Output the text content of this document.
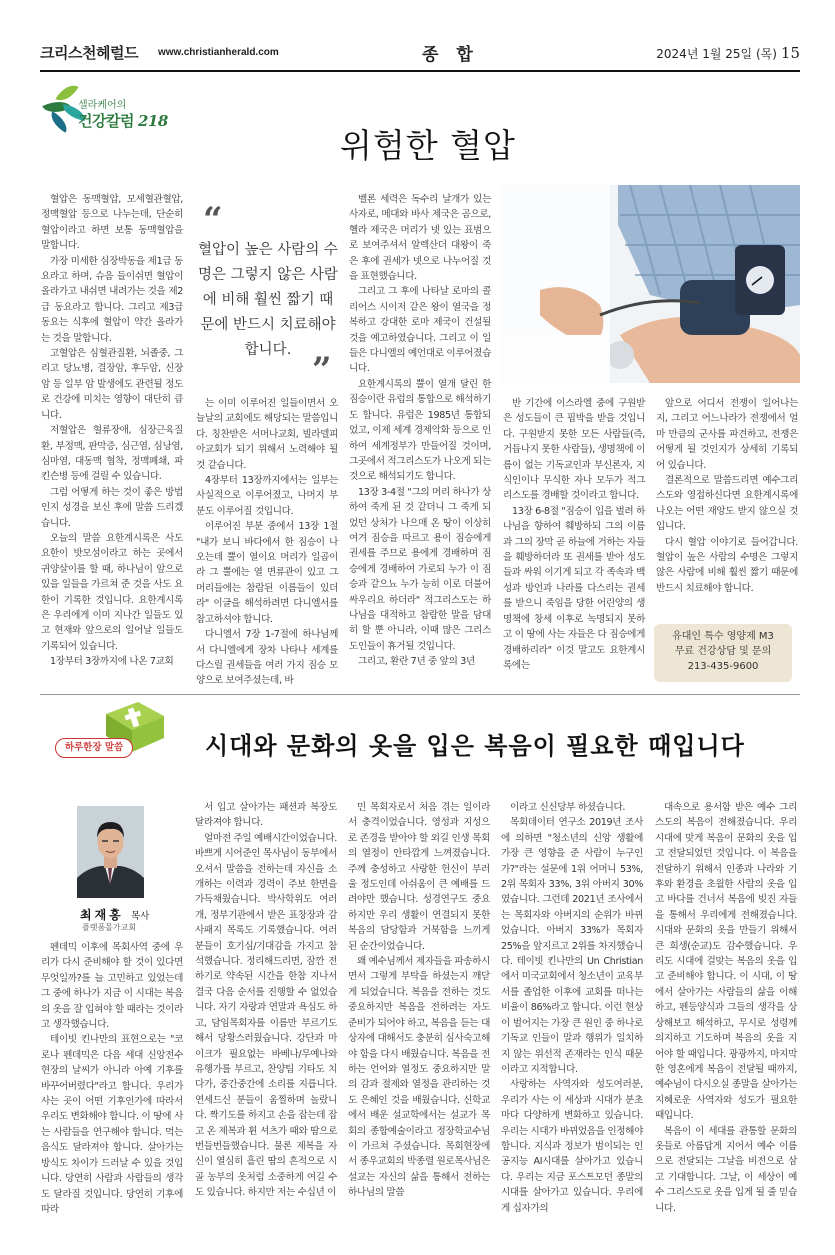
크리스천헤럴드 www.christianherald.com	종 합	2024년 1월 25일 (목) 15
셀라케어의
건강칼럼 218
위험한 혈압

혈압은 동맥혈압, 모세혈관혈압, 정맥혈압 등으로 나누는데, 단순히 혈압이라고 하면 보통 동맥혈압을 말합니다.

가장 미세한 심장박동을 제1급 동요라고 하며, 슈음 들이쉬면 혈압이 올라가고 내쉬면 내려가는 것을 제2급 동요라고 합니다. 그리고 제3급 동요는 식후에 혈압이 약간 올라가는 것을 말합니다.

고혈압은 심혈관질환, 뇌졸중, 그리고 당뇨병, 결장암, 후두암, 신장암 등 일부 암 발생에도 관련될 정도로 건강에 미치는 영향이 대단히 큽니다.

저혈압은 혈류장애, 심장근육질환, 부정맥, 판막증, 심근염, 심낭염, 심마염, 대동맥 협착, 정맥폐쇄, 파킨슨병 등에 걸릴 수 있습니다.

그럼 어떻게 하는 것이 좋은 방법인지 성경을 보신 후에 말씀 드리겠습니다.

오늘의 말씀 요한계시록은 사도 요한이 밧모섬이라고 하는 곳에서 귀양살이를 할 때, 하나님이 앞으로 있을 일들을 가르쳐 준 것을 사도 요한이 기록한 것입니다. 요한계시록은 우리에게 이미 지나간 일들도 있고 현재와 앞으로의 일어날 일들도 기록되어 있습니다.

1장부터 3장까지에 나온 7교회

“
혈압이 높은 사람의 수명은 그렇지 않은 사람에 비해 훨씬 짧기 때문에 반드시 치료해야 합니다. ”

는 이미 이루어진 일들이면서 오늘날의 교회에도 해당되는 말씀입니다. 칭찬받은 서머나교회, 빌라델피아교회가 되기 위해서 노력해야 될 것 같습니다.

4장부터 13장까지에서는 일부는 사실적으로 이루어졌고, 나머지 부분도 이루어질 것입니다.

이루어진 부분 중에서 13장 1절 "내가 보니 바다에서 한 짐승이 나오는데 뿔이 열이요 머리가 일곱이라 그 뿔에는 열 면류관이 있고 그 머리들에는 참람된 이름들이 있더라" 이글을 해석하려면 다니엘서를 참고하셔야 합니다.

다니엘서 7장 1-7절에 하나님께서 다니엘에게 장차 나타나 세계를 다스릴 권세들을 여러 가지 짐승 모양으로 보여주셨는데, 바

벨론 세력은 독수리 날개가 있는 사자로, 메대와 바사 제국은 곰으로, 헬라 제국은 머리가 넷 있는 표범으로 보여주셔서 알렉산더 대왕이 죽은 후에 권세가 넷으로 나누어질 것을 표현했습니다.

그리고 그 후에 나타날 로마의 콜리어스 시이저 같은 왕이 열국을 정복하고 강대한 로마 제국이 건설될 것을 예고하였습니다. 그리고 이 일들은 다니엘의 예언대로 이루어졌습니다.

요한계시록의 뿔이 열개 달린 한 짐승이란 유럽의 통합으로 해석하기도 합니다. 유럽은 1985년 통합되었고, 이제 세계 경제악화 등으로 인하여 세계정부가 만들어질 것이며, 그곳에서 적그리스도가 나오게 되는 것으로 해석되기도 합니다.

13장 3-4절 "그의 머리 하나가 상하여 죽게 된 것 같더니 그 죽게 되었던 상처가 나으매 온 땅이 이상히 여겨 짐승을 따르고 용이 짐승에게 권세를 주므로 용에게 경배하며 짐승에게 경배하여 가로되 누가 이 짐승과 같으뇨 누가 능히 이로 더불어 싸우리요 하더라" 적그리스도는 하나님을 대적하고 참람한 말을 담대히 할 뿐 아니라, 이때 많은 그리스도인들이 휴거될 것입니다.

그리고, 환란 7년 중 앞의 3년

반 기간에 이스라엘 중에 구원받은 성도들이 큰 핍박을 받을 것입니다. 구원받지 못한 모든 사람들(즉, 거듭나지 못한 사람들), 생명책에 이름이 없는 기독교인과 부신론자, 지식인이나 무식한 자나 모두가 적그리스도를 경배할 것이라고 합니다.

13장 6-8절 "짐승이 입을 벌려 하나님을 향하여 훼방하되 그의 이름과 그의 장막 곧 하늘에 거하는 자들을 훼방하더라 또 권세를 받아 성도들과 싸워 이기게 되고 각 족속과 백성과 방언과 나라를 다스리는 권세를 받으니 죽임을 당한 어린양의 생명책에 창세 이후로 녹명되지 못하고 이 땅에 사는 자들은 다 짐승에게 경배하리라" 이것 말고도 요한계시록에는

앞으로 어디서 전쟁이 일어나는지, 그리고 어느나라가 전쟁에서 얼마 만큼의 군사를 파견하고, 전쟁은 어떻게 될 것인지가 상세히 기록되어 있습니다.

결론적으로 말씀드리면 예수그리스도와 영접하신다면 요한계시록에 나오는 어떤 재앙도 받지 않으실 것입니다.

다시 혈압 이야기로 들어갑니다. 혈압이 높은 사람의 수명은 그렇지 않은 사람에 비해 훨씬 짧기 때문에 반드시 치료해야 합니다.

유대인 특수 영양제 M3
무료 건강상담 및 문의
213-435-9600
하루한장 말씀	시대와 문화의 옷을 입은 복음이 필요한 때입니다
최재홍 목사
플랫폼몰가교회

펜데믹 이후에 목회사역 중에 우리가 다시 준비해야 할 것이 있다면 무엇일까?를 늘 고민하고 있었는데 그 중에 하나가 지금 이 시대는 복음의 옷을 잘 입혀야 할 때라는 것이라고 생각했습니다.

테이빗 킨나만의 표현으로는 "코로나 펜데믹은 다음 세대 신앙전수 현장의 날씨가 아니라 아예 기후를 바꾸어버렸다"라고 합니다. 우리가 사는 곳이 어떤 기후인가에 따라서 우리도 변화해야 합니다. 이 땅에 사는 사람들을 연구해야 합니다. 먹는 음식도 달라져야 합니다. 살아가는 방식도 차이가 드러날 수 있을 것입니다. 당연히 사람과 사람들의 생각도 달라질 것입니다. 당연히 기후에 따라

서 입고 살아가는 패션과 복장도 달라져야 합니다.

얼마전 주일 예배시간이었습니다. 바쁘게 시어준인 목사님이 동부에서 오셔서 말씀을 전하는데 자신을 소개하는 이력과 경력이 주보 한면을 가득채웠습니다. 박사학위도 여러개, 정부기관에서 받은 표창장과 감사패지 목록도 기록했습니다. 여러분들이 호기심/기대감을 가지고 참석했습니다. 정리해드리면, 잠깐 전하기로 약속된 시간을 한참 지나서 결국 다음 순서를 진행할 수 없었습니다. 자기 자랑과 연말과 욕심도 하고, 담임목회자를 이름만 부르기도 해서 당황스러웠습니다. 강단과 마이크가 필요없는 바베나/무예나와 유행가를 부르고, 찬양팀 기타도 치다가, 중간중간에 소리를 지릅니다. 연세드신 분들이 움찔하며 놀랐니다. 짝기도를 하지고 손을 잡는데 잡고 온 제복과 휜 셔츠가 때와 땀으로 번들번들했습니다. 물론 제복을 자신이 열심히 흘린 땀의 흔적으로 시골 농부의 옷처럼 소중하게 여길 수도 있습니다. 하지만 저는 수십년 이

민 목회자로서 처음 겪는 일이라서 충격이었습니다. 영성과 지성으로 존경을 받아야 할 외길 인생 목회의 열정이 안타깝게 느껴졌습니다. 주께 충성하고 사랑한 헌신이 부러울 정도인데 아쉬움이 큰 예배를 드려야만 했습니다. 성경연구도 중요하지만 우리 생활이 연결되지 못한 복음의 담당함과 거북함을 느끼게 된 순간이었습니다.

왜 예수님께서 제자들을 파송하시면서 그렇게 부탁을 하셨는지 깨닫게 되었습니다. 복음을 전하는 것도 중요하지만 복음을 전하려는 자도 준비가 되어야 하고, 복음을 듣는 대상자에 대해서도 충분히 심사숙고해야 함을 다시 배웠습니다. 복음을 전하는 언어와 열정도 중요하지만 말의 감과 절제와 열정을 관리하는 것도 은혜인 것을 배웠습니다. 신학교에서 배운 설교학에서는 설교가 목회의 종합예술이라고 정장학교수님이 가르쳐 주셨습니다. 목회현장에서 종우교회의 박종렬 원로목사님은 설교는 자신의 삶을 통해서 전하는 하나님의 말씀

이라고 신신당부 하셨습니다.

목회데이터 연구소 2019년 조사에 의하면 "청소년의 신앙 생활에 가장 큰 영향을 준 사람이 누구인가?"라는 설문에 1위 어머니 53%, 2위 목회자 33%, 3위 아버지 30%였습니다. 그런데 2021년 조사에서는 목회자와 아버지의 순위가 바뀌었습니다. 아버지 33%가 목회자 25%을 앞지르고 2위를 차지했습니다. 테이빗 킨나만의 Un Christian에서 미국교회에서 청소년이 교육부서를 졸업한 이후에 교회를 떠나는 비율이 86%라고 합니다. 이런 현상이 벌어지는 가장 큰 원인 중 하나로 기독교 인들이 말과 행위가 일치하지 않는 위선적 존재라는 인식 때문이라고 지적합니다.

사랑하는 사역자와 성도여러분, 우리가 사는 이 세상과 시대가 분초마다 다양하게 변화하고 있습니다. 우리는 시대가 바뀌었음을 인정해야 합니다. 지식과 정보가 범이되는 인공지능 AI시대를 살아가고 있습니다. 우리는 지금 포스트모던 종말의 시대를 살아가고 있습니다. 우리에게 십자가의

대속으로 용서함 받은 예수 그리스도의 복음이 전해졌습니다. 우리 시대에 맞게 복음이 문화의 옷을 입고 전달되었던 것입니다. 이 복음을 전달하기 위해서 인종과 나라와 기후와 환경을 초월한 사람의 옷을 입고 바다를 건너서 복음에 빚진 자들을 통해서 우리에게 전해졌습니다. 시대와 문화의 옷을 만들기 위해서 큰 희생(순교)도 감수했습니다. 우리도 시대에 걸맞는 복음의 옷을 입고 준비해야 합니다. 이 시대, 이 땅에서 살아가는 사람들의 삶을 이해하고, 펜등양식과 그들의 생각을 상상해보고 해석하고, 무시로 성령께 의지하고 기도하며 복음의 옷을 지어야 할 때입니다. 광광까지, 마지막 한 영혼에게 복음이 전달될 때까지, 예수님이 다시오실 종말을 살아가는 지혜로운 사역자와 성도가 필요한 때입니다.

복음이 이 세대를 관통할 문화의 옷들로 아름답게 지어서 예수 이름으로 전달되는 그날을 비전으로 삼고 기대합니다. 그날, 이 세상이 예수 그리스도로 옷을 입게 될 줄 믿습니다.
